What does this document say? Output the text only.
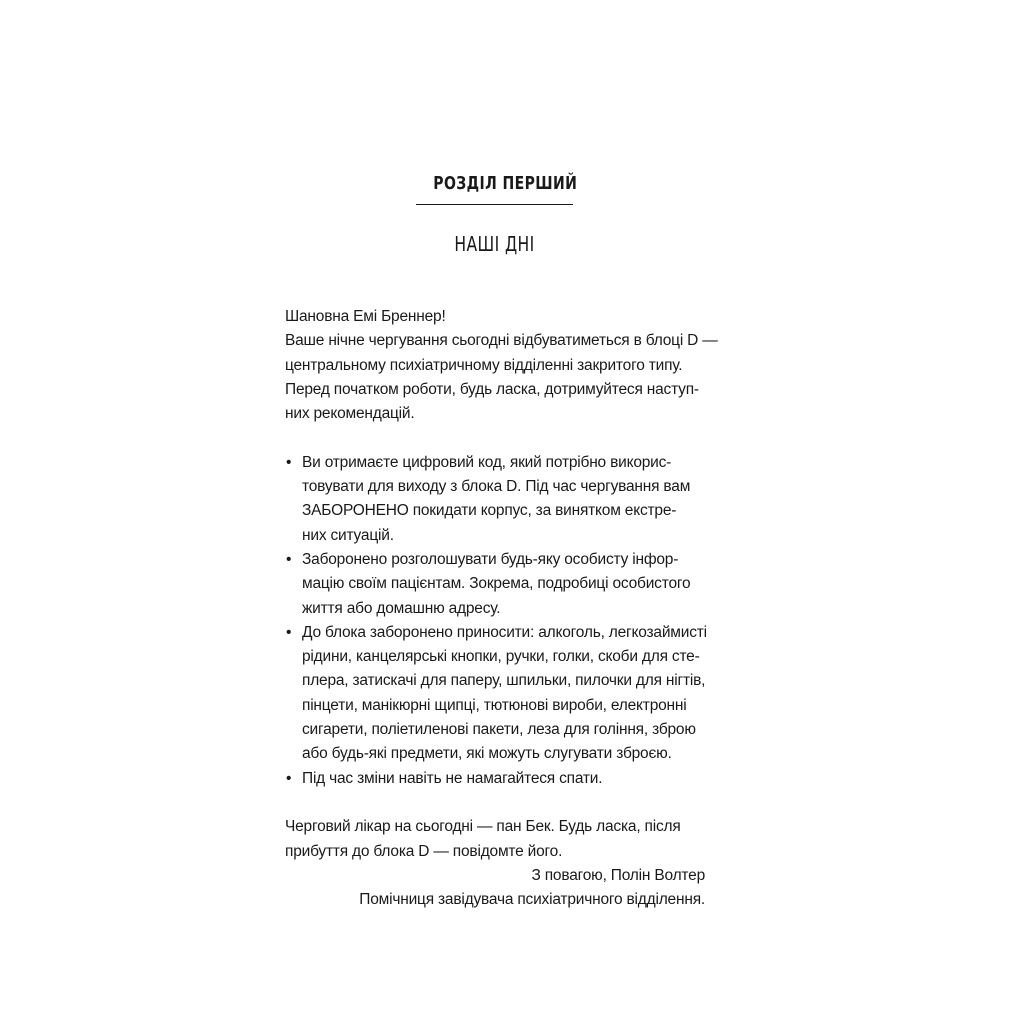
РОЗДІЛ ПЕРШИЙ
НАШІ ДНІ
Шановна Емі Бреннер!
Ваше нічне чергування сьогодні відбуватиметься в блоці D —
центральному психіатричному відділенні закритого типу.
Перед початком роботи, будь ласка, дотримуйтеся наступ-
них рекомендацій.
• Ви отримаєте цифровий код, який потрібно викорис-
товувати для виходу з блока D. Під час чергування вам
ЗАБОРОНЕНО покидати корпус, за винятком екстре-
них ситуацій.
• Заборонено розголошувати будь-яку особисту інфор-
мацію своїм пацієнтам. Зокрема, подробиці особистого
життя або домашню адресу.
• До блока заборонено приносити: алкоголь, легкозаймисті
рідини, канцелярські кнопки, ручки, голки, скоби для сте-
плера, затискачі для паперу, шпильки, пилочки для нігтів,
пінцети, манікюрні щипці, тютюнові вироби, електронні
сигарети, поліетиленові пакети, леза для гоління, зброю
або будь-які предмети, які можуть слугувати зброєю.
• Під час зміни навіть не намагайтеся спати.
Черговий лікар на сьогодні — пан Бек. Будь ласка, після
прибуття до блока D — повідомте його.
З повагою, Полін Волтер
Помічниця завідувача психіатричного відділення.
